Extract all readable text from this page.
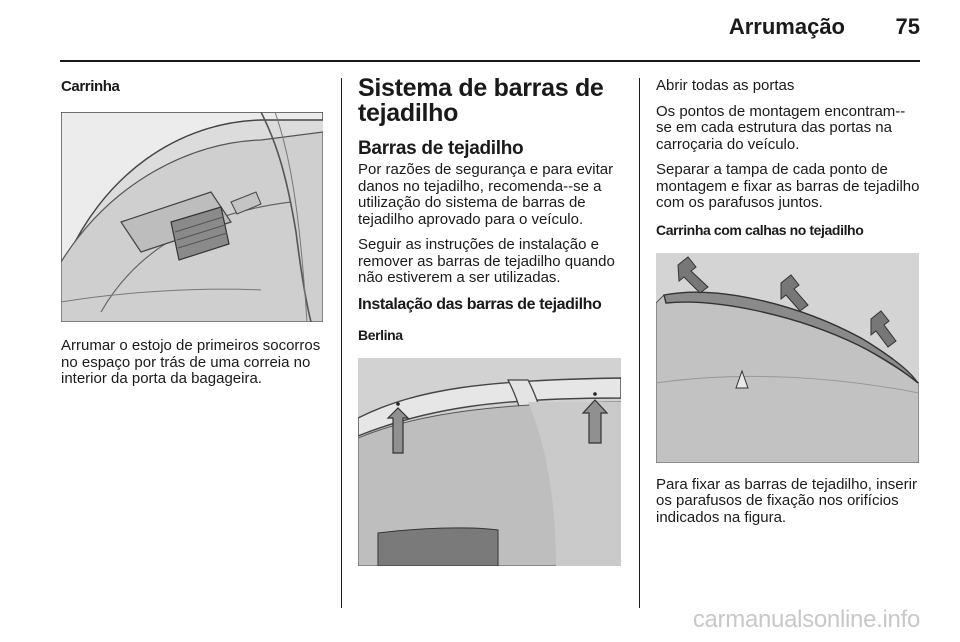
Arrumação	75
Carrinha

Arrumar o estojo de primeiros socorros no espaço por trás de uma correia no interior da porta da bagageira.

Sistema de barras de tejadilho
Barras de tejadilho

Por razões de segurança e para evitar danos no tejadilho, recomenda--se a utilização do sistema de barras de tejadilho aprovado para o veículo.

Seguir as instruções de instalação e remover as barras de tejadilho quando não estiverem a ser utilizadas.

Instalação das barras de tejadilho
Berlina

Abrir todas as portas

Os pontos de montagem encontram--se em cada estrutura das portas na carroçaria do veículo.

Separar a tampa de cada ponto de montagem e fixar as barras de tejadilho com os parafusos juntos.

Carrinha com calhas no tejadilho

Para fixar as barras de tejadilho, inserir os parafusos de fixação nos orifícios indicados na figura.

carmanualsonline.info
